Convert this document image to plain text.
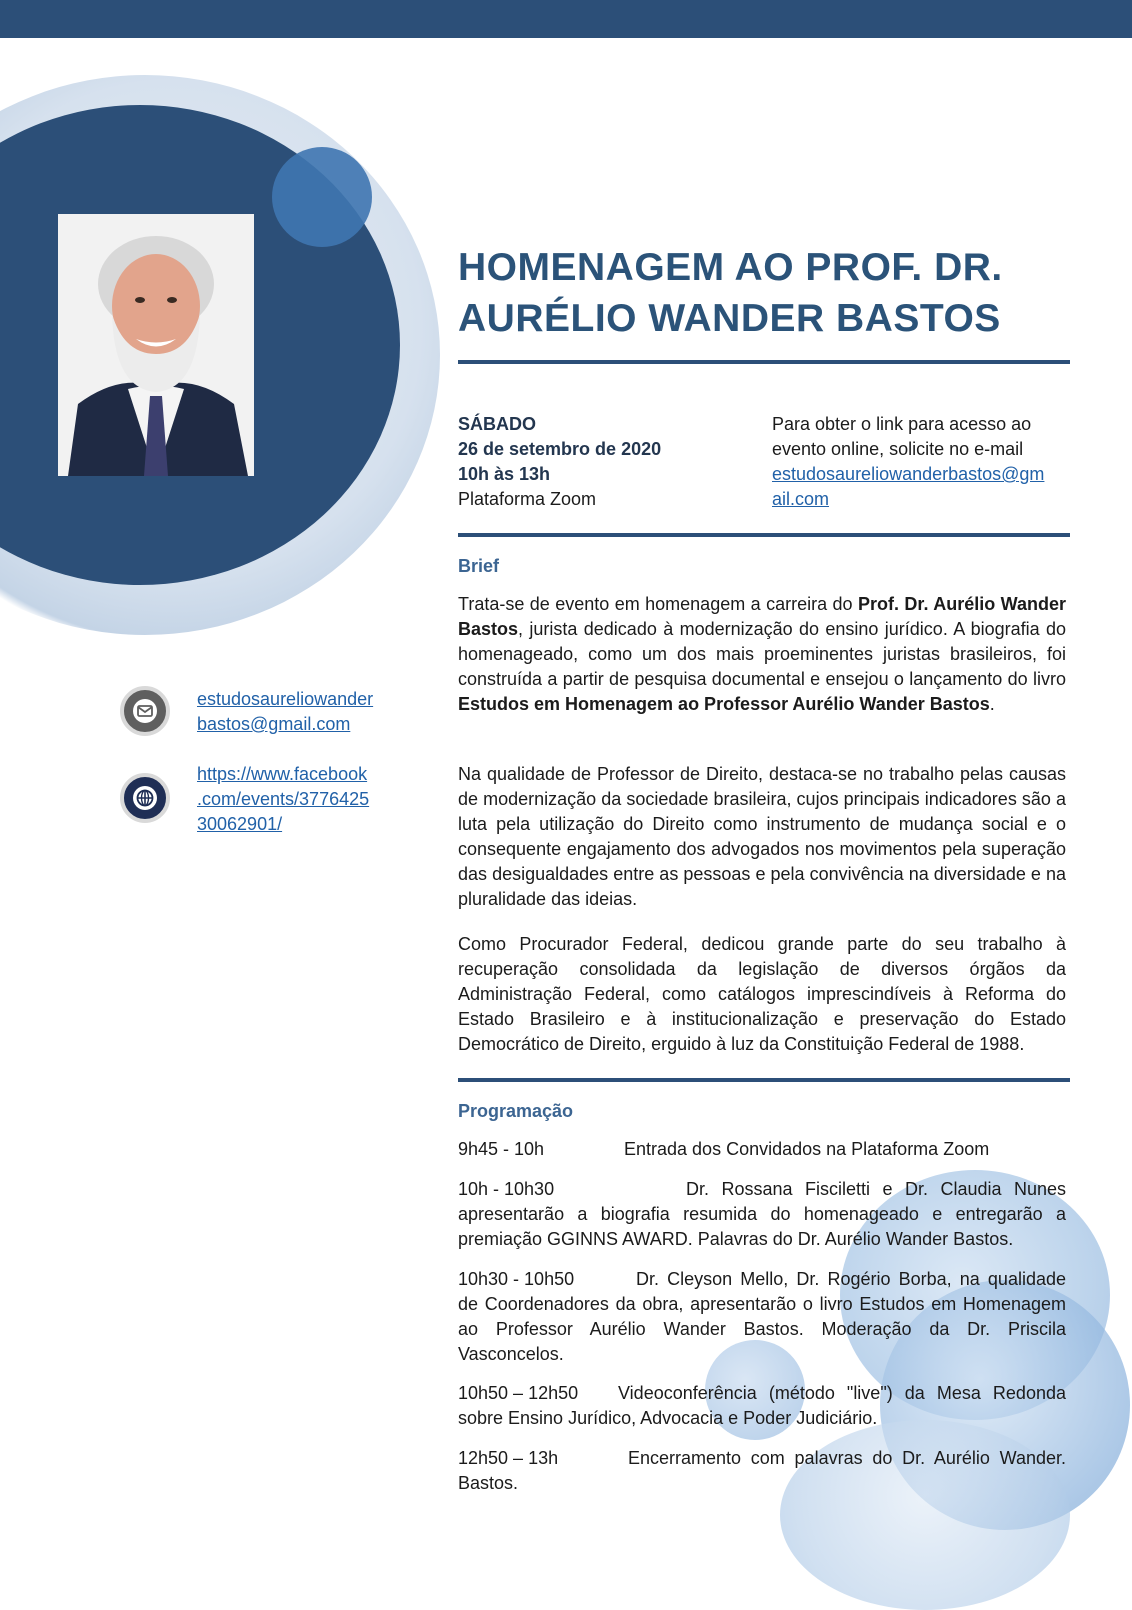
HOMENAGEM AO PROF. DR.
AURÉLIO WANDER BASTOS
SÁBADO
26 de setembro de 2020
10h às 13h
Plataforma Zoom
Para obter o link para acesso ao
evento online, solicite no e-mail
estudosaureliowanderbastos@gm
ail.com
Brief

Trata-se de evento em homenagem a carreira do Prof. Dr. Aurélio Wander Bastos, jurista dedicado à modernização do ensino jurídico. A biografia do homenageado, como um dos mais proeminentes juristas brasileiros, foi construída a partir de pesquisa documental e ensejou o lançamento do livro Estudos em Homenagem ao Professor Aurélio Wander Bastos.

Na qualidade de Professor de Direito, destaca-se no trabalho pelas causas de modernização da sociedade brasileira, cujos principais indicadores são a luta pela utilização do Direito como instrumento de mudança social e o consequente engajamento dos advogados nos movimentos pela superação das desigualdades entre as pessoas e pela convivência na diversidade e na pluralidade das ideias.

Como Procurador Federal, dedicou grande parte do seu trabalho à recuperação consolidada da legislação de diversos órgãos da Administração Federal, como catálogos imprescindíveis à Reforma do Estado Brasileiro e à institucionalização e preservação do Estado Democrático de Direito, erguido à luz da Constituição Federal de 1988.

Programação

9h45 - 10h	Entrada dos Convidados na Plataforma Zoom

10h - 10h30	Dr. Rossana Fisciletti e Dr. Claudia Nunes apresentarão a biografia resumida do homenageado e entregarão a premiação GGINNS AWARD. Palavras do Dr. Aurélio Wander Bastos.

10h30 - 10h50	Dr. Cleyson Mello, Dr. Rogério Borba, na qualidade de Coordenadores da obra, apresentarão o livro Estudos em Homenagem ao Professor Aurélio Wander Bastos. Moderação da Dr. Priscila Vasconcelos.

10h50 – 12h50 Videoconferência (método "live") da Mesa Redonda sobre Ensino Jurídico, Advocacia e Poder Judiciário.

12h50 – 13h	Encerramento com palavras do Dr. Aurélio Wander. Bastos.

estudosaureliowander
bastos@gmail.com
https://www.facebook
.com/events/3776425
30062901/
